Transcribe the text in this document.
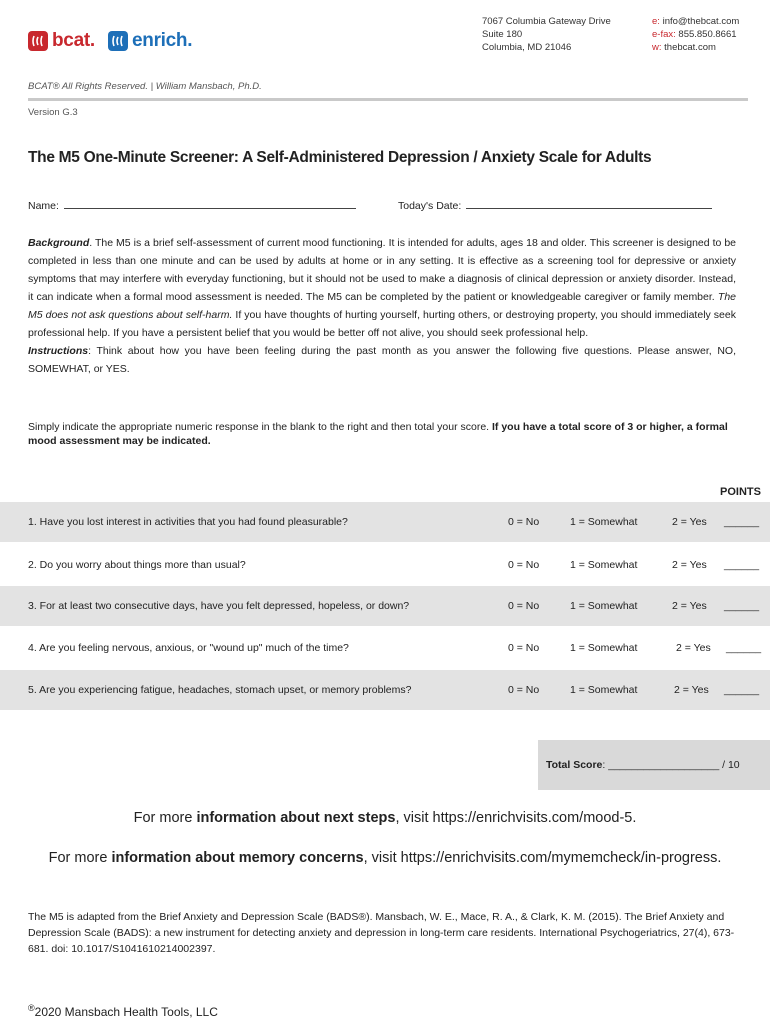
bcat. enrich.
7067 Columbia Gateway Drive
Suite 180
Columbia, MD 21046
e: info@thebcat.com
e-fax: 855.850.8661
w: thebcat.com
BCAT® All Rights Reserved. | William Mansbach, Ph.D.
Version G.3
The M5 One-Minute Screener: A Self-Administered Depression / Anxiety Scale for Adults
Name:	Today's Date:
Background. The M5 is a brief self-assessment of current mood functioning. It is intended for adults, ages 18 and older. This screener is designed to be completed in less than one minute and can be used by adults at home or in any setting. It is effective as a screening tool for depressive or anxiety symptoms that may interfere with everyday functioning, but it should not be used to make a diagnosis of clinical depression or anxiety disorder. Instead, it can indicate when a formal mood assessment is needed. The M5 can be completed by the patient or knowledgeable caregiver or family member. The M5 does not ask questions about self-harm. If you have thoughts of hurting yourself, hurting others, or destroying property, you should immediately seek professional help. If you have a persistent belief that you would be better off not alive, you should seek professional help.
Instructions: Think about how you have been feeling during the past month as you answer the following five questions. Please answer, NO, SOMEWHAT, or YES.
Simply indicate the appropriate numeric response in the blank to the right and then total your score. If you have a total score of 3 or higher, a formal mood assessment may be indicated.
POINTS
1. Have you lost interest in activities that you had found pleasurable?	0 = No	1 = Somewhat	2 = Yes ______
2. Do you worry about things more than usual?	0 = No	1 = Somewhat	2 = Yes ______
3. For at least two consecutive days, have you felt depressed, hopeless, or down?	0 = No	1 = Somewhat	2 = Yes ______
4. Are you feeling nervous, anxious, or "wound up" much of the time?	0 = No	1 = Somewhat	2 = Yes ______
5. Are you experiencing fatigue, headaches, stomach upset, or memory problems?	0 = No	1 = Somewhat	2 = Yes ______
Total Score: ___________________ / 10
For more information about next steps, visit https://enrichvisits.com/mood-5.
For more information about memory concerns, visit https://enrichvisits.com/mymemcheck/in-progress.
The M5 is adapted from the Brief Anxiety and Depression Scale (BADS®). Mansbach, W. E., Mace, R. A., & Clark, K. M. (2015). The Brief Anxiety and Depression Scale (BADS): a new instrument for detecting anxiety and depression in long-term care residents. International Psychogeriatrics, 27(4), 673-681. doi: 10.1017/S1041610214002397.
®2020 Mansbach Health Tools, LLC
